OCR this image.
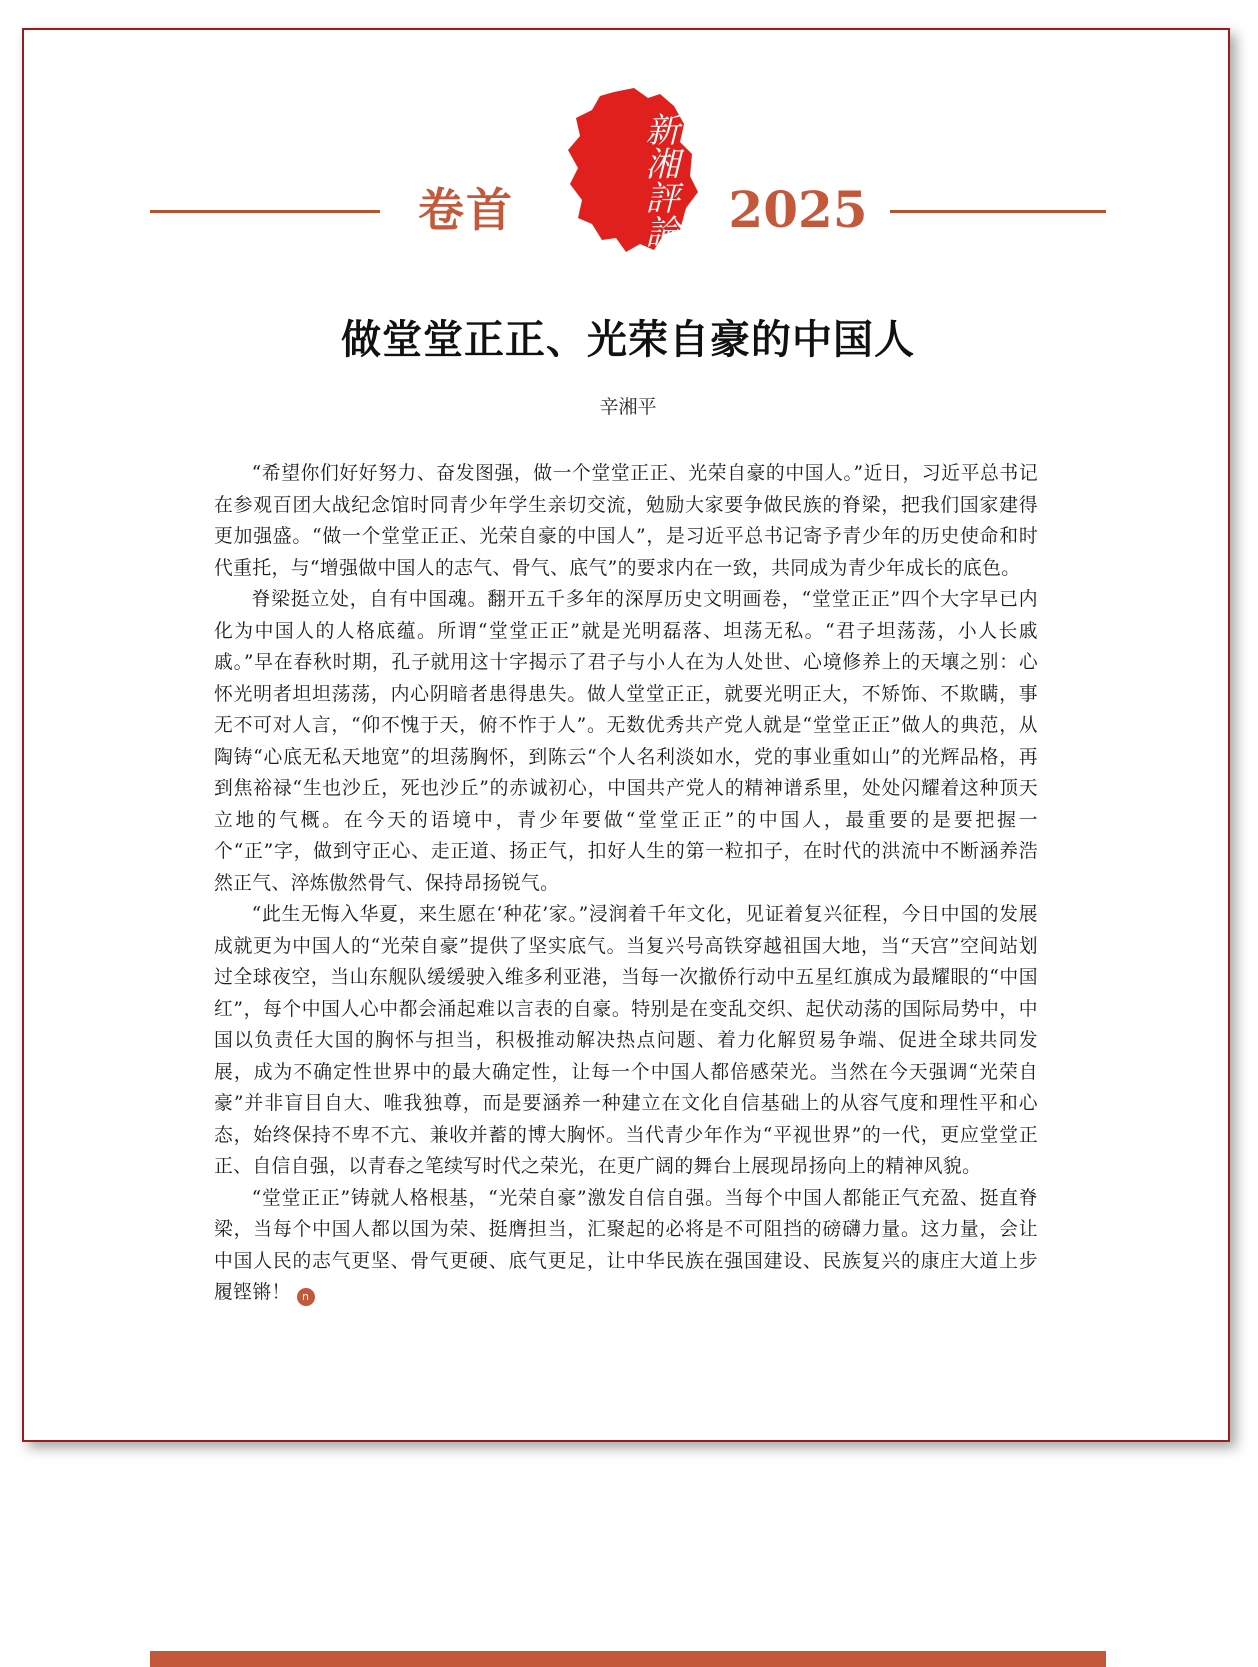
卷首	新湘評論 2025
做堂堂正正、光荣自豪的中国人
辛湘平

“希望你们好好努力、奋发图强，做一个堂堂正正、光荣自豪的中国人。”近日，习近平总书记在参观百团大战纪念馆时同青少年学生亲切交流，勉励大家要争做民族的脊梁，把我们国家建得更加强盛。“做一个堂堂正正、光荣自豪的中国人”，是习近平总书记寄予青少年的历史使命和时代重托，与“增强做中国人的志气、骨气、底气”的要求内在一致，共同成为青少年成长的底色。

脊梁挺立处，自有中国魂。翻开五千多年的深厚历史文明画卷，“堂堂正正”四个大字早已内化为中国人的人格底蕴。所谓“堂堂正正”就是光明磊落、坦荡无私。“君子坦荡荡，小人长戚戚。”早在春秋时期，孔子就用这十字揭示了君子与小人在为人处世、心境修养上的天壤之别：心怀光明者坦坦荡荡，内心阴暗者患得患失。做人堂堂正正，就要光明正大，不矫饰、不欺瞒，事无不可对人言，“仰不愧于天，俯不怍于人”。无数优秀共产党人就是“堂堂正正”做人的典范，从陶铸“心底无私天地宽”的坦荡胸怀，到陈云“个人名利淡如水，党的事业重如山”的光辉品格，再到焦裕禄“生也沙丘，死也沙丘”的赤诚初心，中国共产党人的精神谱系里，处处闪耀着这种顶天立地的气概。在今天的语境中，青少年要做“堂堂正正”的中国人，最重要的是要把握一个“正”字，做到守正心、走正道、扬正气，扣好人生的第一粒扣子，在时代的洪流中不断涵养浩然正气、淬炼傲然骨气、保持昂扬锐气。

“此生无悔入华夏，来生愿在‘种花’家。”浸润着千年文化，见证着复兴征程，今日中国的发展成就更为中国人的“光荣自豪”提供了坚实底气。当复兴号高铁穿越祖国大地，当“天宫”空间站划过全球夜空，当山东舰队缓缓驶入维多利亚港，当每一次撤侨行动中五星红旗成为最耀眼的“中国红”，每个中国人心中都会涌起难以言表的自豪。特别是在变乱交织、起伏动荡的国际局势中，中国以负责任大国的胸怀与担当，积极推动解决热点问题、着力化解贸易争端、促进全球共同发展，成为不确定性世界中的最大确定性，让每一个中国人都倍感荣光。当然在今天强调“光荣自豪”并非盲目自大、唯我独尊，而是要涵养一种建立在文化自信基础上的从容气度和理性平和心态，始终保持不卑不亢、兼收并蓄的博大胸怀。当代青少年作为“平视世界”的一代，更应堂堂正正、自信自强，以青春之笔续写时代之荣光，在更广阔的舞台上展现昂扬向上的精神风貌。

“堂堂正正”铸就人格根基，“光荣自豪”激发自信自强。当每个中国人都能正气充盈、挺直脊梁，当每个中国人都以国为荣、挺膺担当，汇聚起的必将是不可阻挡的磅礴力量。这力量，会让中国人民的志气更坚、骨气更硬、底气更足，让中华民族在强国建设、民族复兴的康庄大道上步履铿锵！ n
